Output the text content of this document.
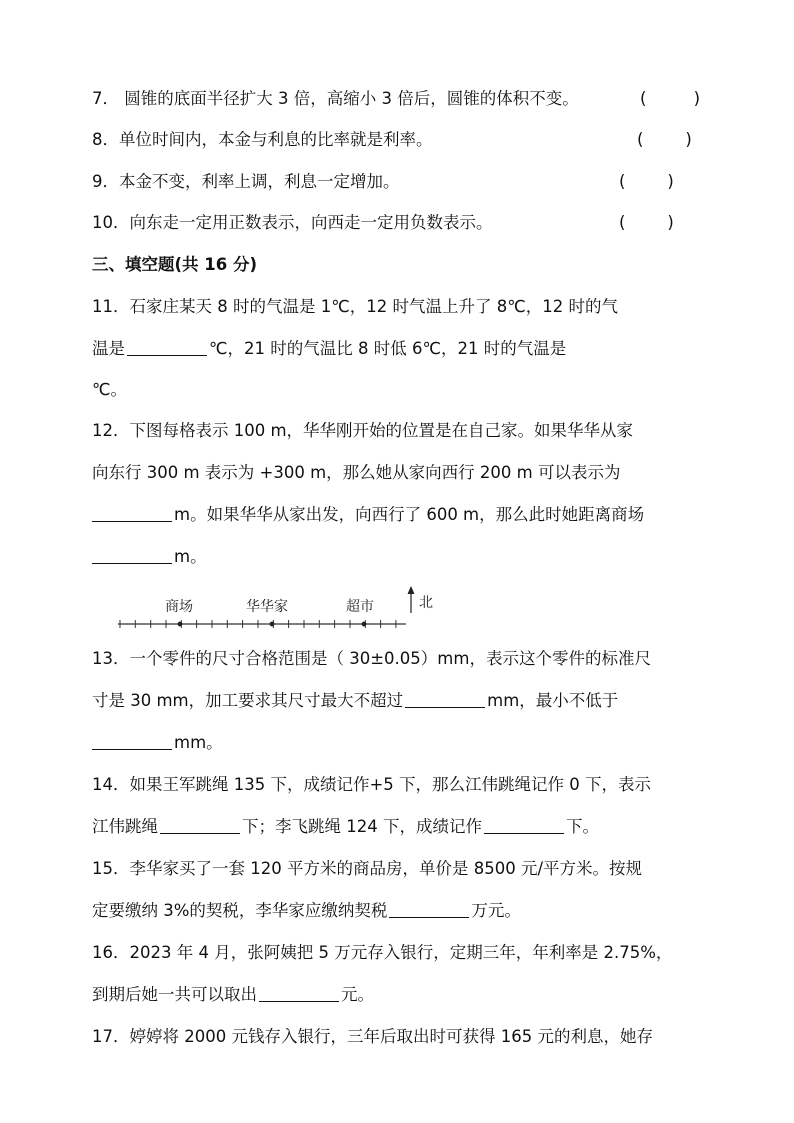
7． 圆锥的底面半径扩大 3 倍，高缩小 3 倍后，圆锥的体积不变。	(         )
8．单位时间内，本金与利息的比率就是利率。	(        )
9．本金不变，利率上调，利息一定增加。	(        )
10．向东走一定用正数表示，向西走一定用负数表示。	(        )
三、填空题(共 16 分)
11．石家庄某天 8 时的气温是 1℃，12 时气温上升了 8℃，12 时的气
温是	℃，21 时的气温比 8 时低 6℃，21 时的气温是
℃。
12．下图每格表示 100 m，华华刚开始的位置是在自己家。如果华华从家
向东行 300 m 表示为 +300 m，那么她从家向西行 200 m 可以表示为
m。如果华华从家出发，向西行了 600 m，那么此时她距离商场
m。
商场	华华家	超市	北
13．一个零件的尺寸合格范围是（ 30±0.05）mm，表示这个零件的标准尺
寸是 30 mm，加工要求其尺寸最大不超过	mm，最小不低于
mm。
14．如果王军跳绳 135 下，成绩记作+5 下，那么江伟跳绳记作 0 下，表示
江伟跳绳	下；李飞跳绳 124 下，成绩记作	下。
15．李华家买了一套 120 平方米的商品房，单价是 8500 元/平方米。按规
定要缴纳 3%的契税，李华家应缴纳契税	万元。
16．2023 年 4 月，张阿姨把 5 万元存入银行，定期三年，年利率是 2.75%，
到期后她一共可以取出	元。
17．婷婷将 2000 元钱存入银行，三年后取出时可获得 165 元的利息，她存
